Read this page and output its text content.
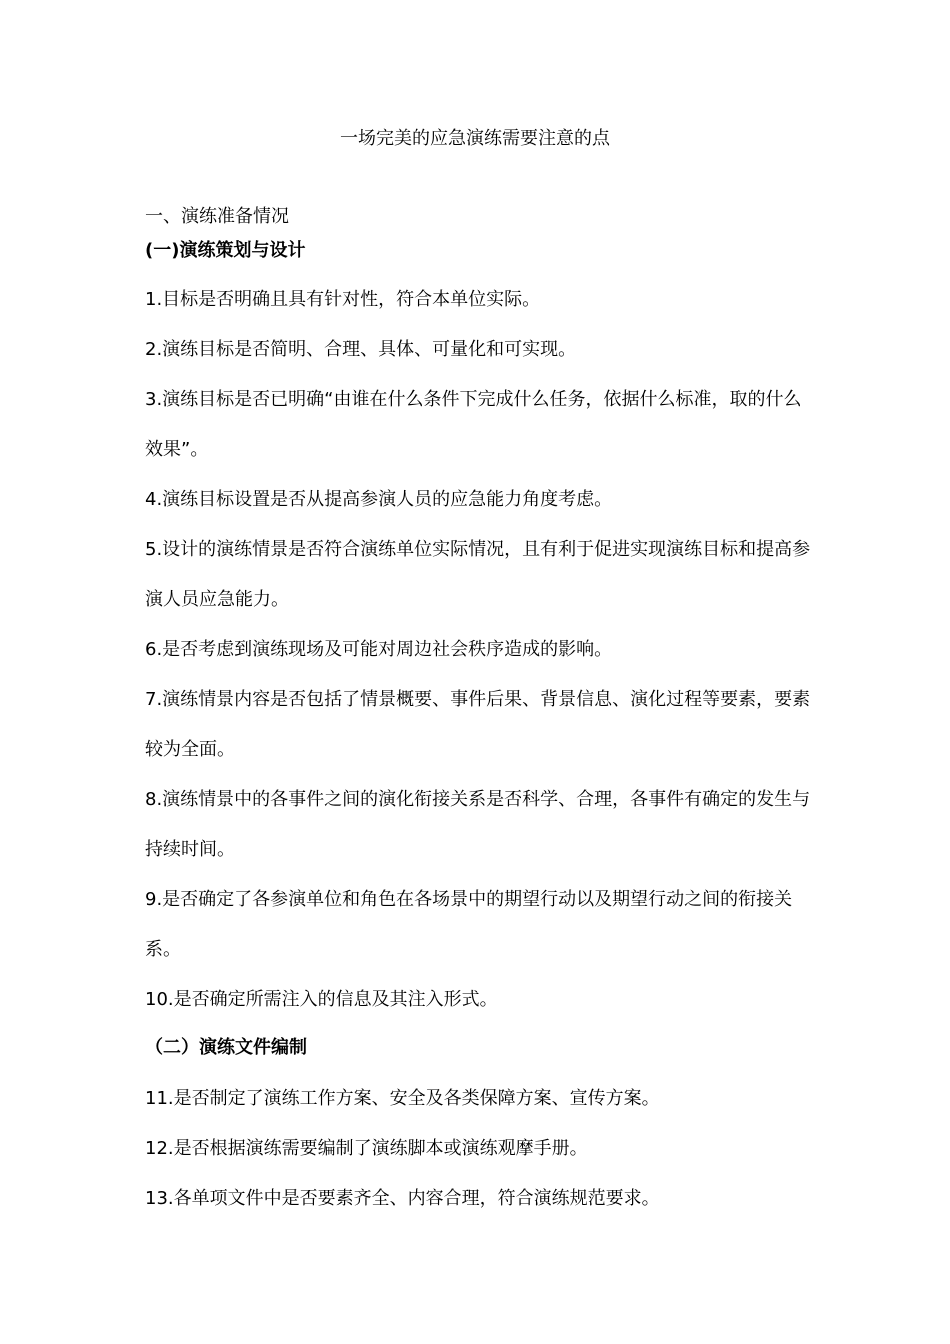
一场完美的应急演练需要注意的点
一、演练准备情况
(一)演练策划与设计
1.目标是否明确且具有针对性，符合本单位实际。
2.演练目标是否简明、合理、具体、可量化和可实现。
3.演练目标是否已明确“由谁在什么条件下完成什么任务，依据什么标准，取的什么效果”。
4.演练目标设置是否从提高参演人员的应急能力角度考虑。
5.设计的演练情景是否符合演练单位实际情况，且有利于促进实现演练目标和提高参演人员应急能力。
6.是否考虑到演练现场及可能对周边社会秩序造成的影响。
7.演练情景内容是否包括了情景概要、事件后果、背景信息、演化过程等要素，要素较为全面。
8.演练情景中的各事件之间的演化衔接关系是否科学、合理，各事件有确定的发生与持续时间。
9.是否确定了各参演单位和角色在各场景中的期望行动以及期望行动之间的衔接关系。
10.是否确定所需注入的信息及其注入形式。
（二）演练文件编制
11.是否制定了演练工作方案、安全及各类保障方案、宣传方案。
12.是否根据演练需要编制了演练脚本或演练观摩手册。
13.各单项文件中是否要素齐全、内容合理，符合演练规范要求。
